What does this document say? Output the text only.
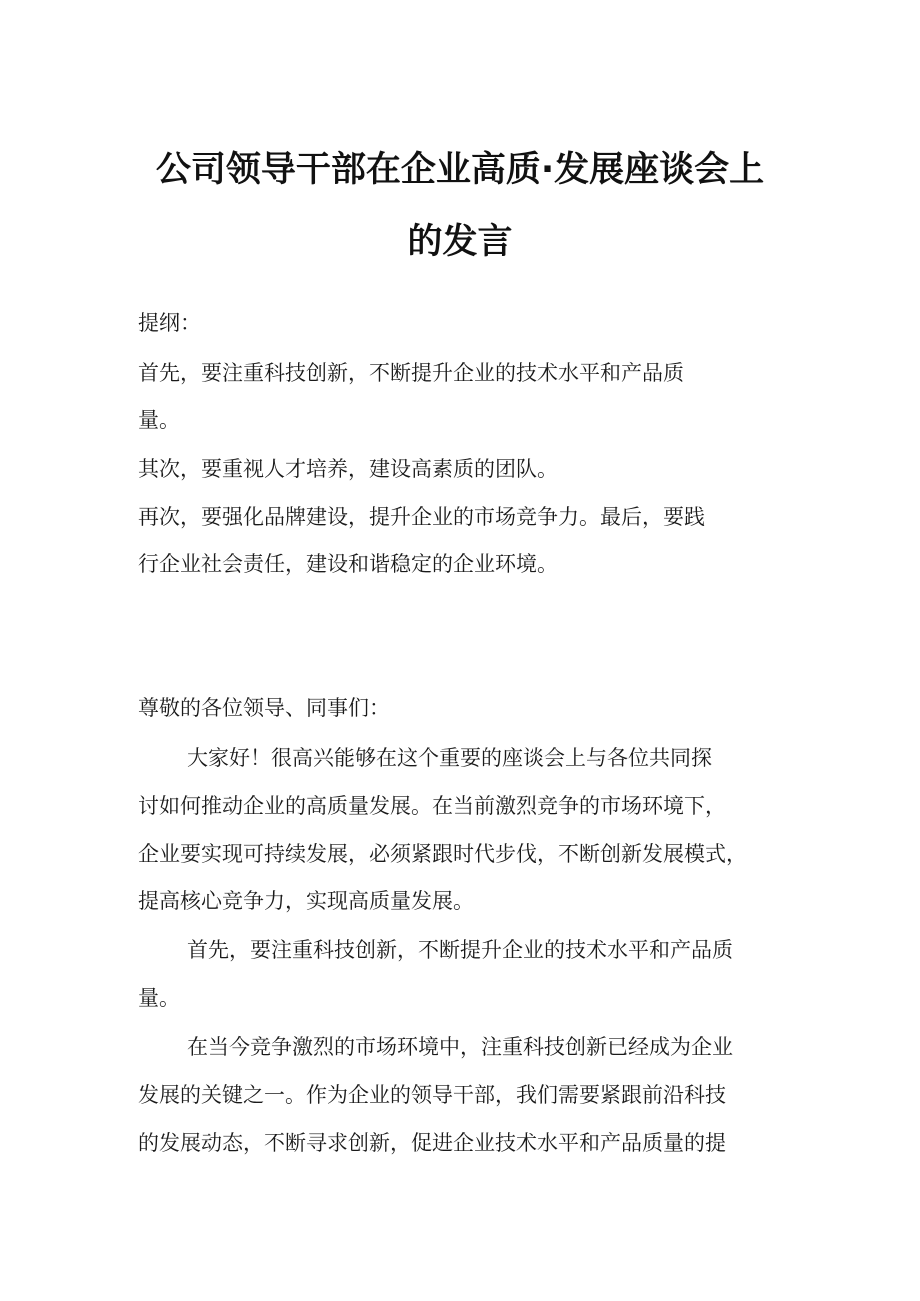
公司领导干部在企业高质·发展座谈会上
的发言

提纲：

首先，要注重科技创新，不断提升企业的技术水平和产品质

量。

其次，要重视人才培养，建设高素质的团队。

再次，要强化品牌建设，提升企业的市场竞争力。最后，要践

行企业社会责任，建设和谐稳定的企业环境。

尊敬的各位领导、同事们：

大家好！很高兴能够在这个重要的座谈会上与各位共同探

讨如何推动企业的高质量发展。在当前激烈竞争的市场环境下，

企业要实现可持续发展，必须紧跟时代步伐，不断创新发展模式，

提高核心竞争力，实现高质量发展。

首先，要注重科技创新，不断提升企业的技术水平和产品质

量。

在当今竞争激烈的市场环境中，注重科技创新已经成为企业

发展的关键之一。作为企业的领导干部，我们需要紧跟前沿科技

的发展动态，不断寻求创新，促进企业技术水平和产品质量的提
